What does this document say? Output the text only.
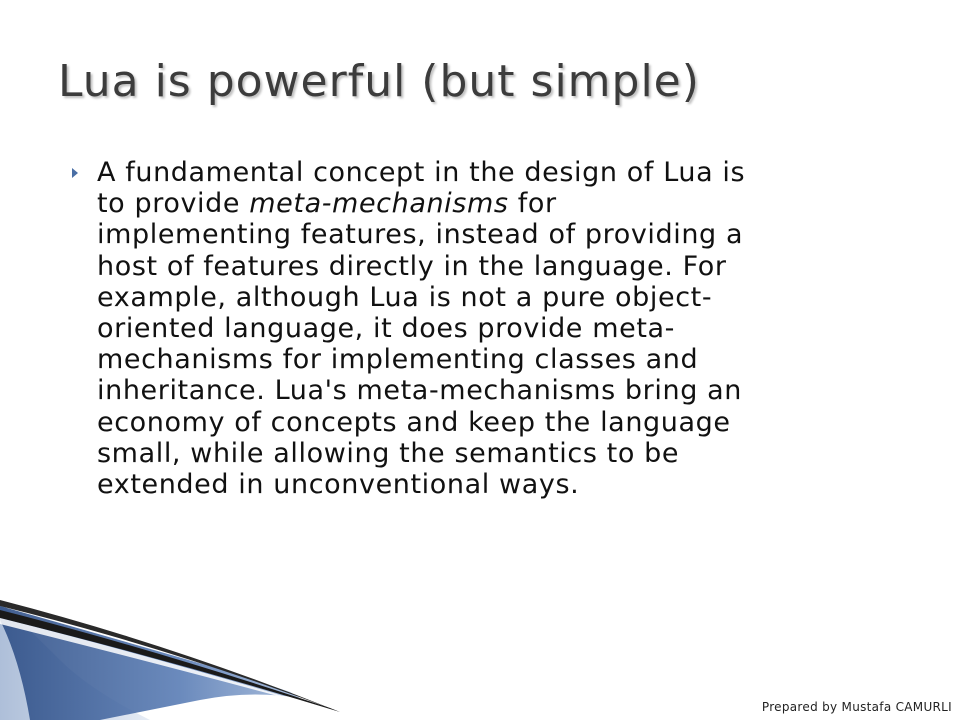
Lua is powerful (but simple)

A fundamental concept in the design of Lua is
to provide meta-mechanisms for
implementing features, instead of providing a
host of features directly in the language. For
example, although Lua is not a pure object-
oriented language, it does provide meta-
mechanisms for implementing classes and
inheritance. Lua's meta-mechanisms bring an
economy of concepts and keep the language
small, while allowing the semantics to be
extended in unconventional ways.

Prepared by Mustafa CAMURLI
